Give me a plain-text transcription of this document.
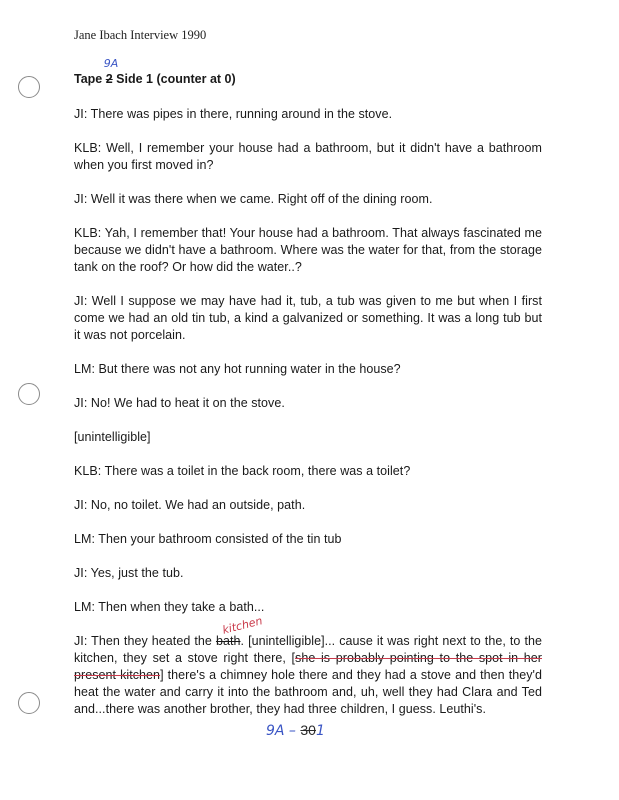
Jane Ibach Interview 1990
Tape 2
9A
Side 1 (counter at 0)
JI: There was pipes in there, running around in the stove.
KLB: Well, I remember your house had a bathroom, but it didn't have a bathroom when you first moved in?
JI: Well it was there when we came. Right off of the dining room.
KLB: Yah, I remember that! Your house had a bathroom. That always fascinated me because we didn't have a bathroom. Where was the water for that, from the storage tank on the roof? Or how did the water..?
JI: Well I suppose we may have had it, tub, a tub was given to me but when I first come we had an old tin tub, a kind a galvanized or something. It was a long tub but it was not porcelain.
LM: But there was not any hot running water in the house?
JI: No! We had to heat it on the stove.
[unintelligible]
KLB: There was a toilet in the back room, there was a toilet?
JI: No, no toilet. We had an outside, path.
LM: Then your bathroom consisted of the tin tub
JI: Yes, just the tub.
LM: Then when they take a bath...
JI: Then they heated the bath
kitchen
. [unintelligible]... cause it was right next to the, to the kitchen, they set a stove right there, [she is probably pointing to the spot in her present kitchen] there's a chimney hole there and they had a stove and then they'd heat the water and carry it into the bathroom and, uh, well they had Clara and Ted and...there was another brother, they had three children, I guess. Leuthi's.
9A – 301
